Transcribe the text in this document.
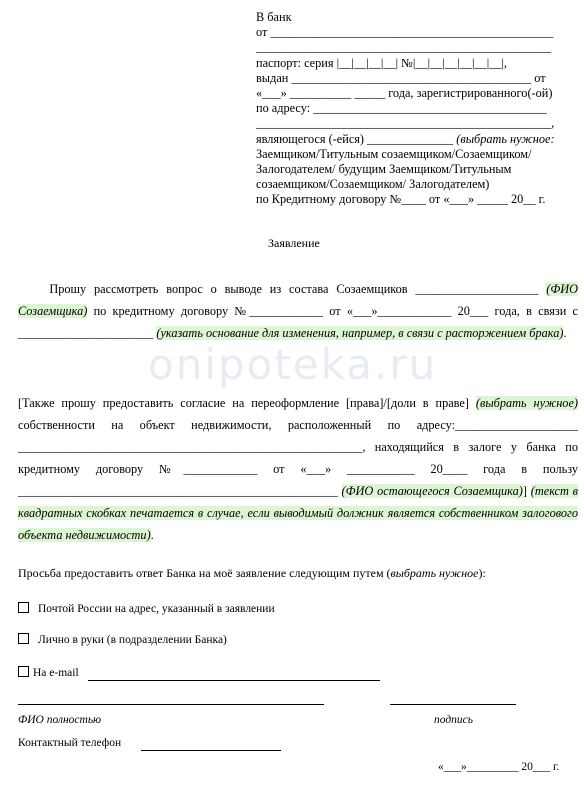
В банк
от ______________________________________________
________________________________________________
паспорт: серия |__|__|__|__| №|__|__|__|__|__|__|,
выдан _______________________________________ от
«___» __________ _____ года, зарегистрированного(-ой)
по адресу: ______________________________________
________________________________________________,
являющегося (-ейся) ______________ (выбрать нужное:
Заемщиком/Титульным созаемщиком/Созаемщиком/
Залогодателем/ будущим Заемщиком/Титульным
созаемщиком/Созаемщиком/ Залогодателем)
по Кредитному договору №____ от «___» _____ 20__ г.
Заявление

Прошу рассмотреть вопрос о выводе из состава Созаемщиков ____________________ (ФИО Созаемщика) по кредитному договору №____________ от «___»____________ 20___ года, в связи с ______________________ (указать основание для изменения, например, в связи с расторжением брака).

onipoteka.ru

[Также прошу предоставить согласие на переоформление [права]/[доли в праве] (выбрать нужное) собственности на объект недвижимости, расположенный по адресу:____________________ ________________________________________________________, находящийся в залоге у банка по кредитному договору №____________ от «___» ___________ 20____ года в пользу ____________________________________________________ (ФИО остающегося Созаемщика)] (текст в квадратных скобках печатается в случае, если выводимый должник является собственником залогового объекта недвижимости).

Просьба предоставить ответ Банка на моё заявление следующим путем (выбрать нужное):
Почтой России на адрес, указанный в заявлении
Лично в руки (в подразделении Банка)
На e-mail
ФИО полностью	подпись
Контактный телефон
«___»_________ 20___ г.
